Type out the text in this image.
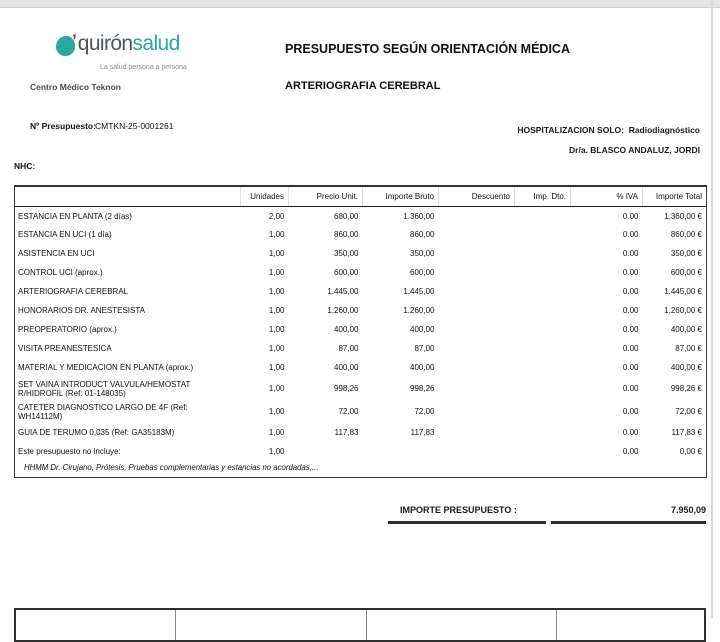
’ quirónsalud
La salud persona a persona
Centro Médico Teknon
PRESUPUESTO SEGÚN ORIENTACIÓN MÉDICA
ARTERIOGRAFIA CEREBRAL
Nº Presupuesto: CMTKN-25-0001261	HOSPITALIZACION SOLO: Radiodiagnóstico
Dr/a. BLASCO ANDALUZ, JORDI
NHC:
	Unidades	Precio Unit.	Importe Bruto	Descuento	Imp. Dto.	% IVA	Importe Total
ESTANCIA EN PLANTA (2 días)	2,00	680,00	1.360,00			0.00	1.360,00 €
ESTANCIA EN UCI (1 día)	1,00	860,00	860,00			0.00	860,00 €
ASISTENCIA EN UCI	1,00	350,00	350,00			0.00	350,00 €
CONTROL UCI (aprox.)	1,00	600,00	600,00			0.00	600,00 €
ARTERIOGRAFIA CEREBRAL	1,00	1.445,00	1.445,00			0.00	1.445,00 €
HONORARIOS DR. ANESTESISTA	1,00	1.260,00	1.260,00			0.00	1.260,00 €
PREOPERATORIO (aprox.)	1,00	400,00	400,00			0.00	400,00 €
VISITA PREANESTESICA	1,00	87,00	87,00			0.00	87,00 €
MATERIAL Y MEDICACION EN PLANTA (aprox.)	1,00	400,00	400,00			0.00	400,00 €
SET VAINA INTRODUCT VALVULA/HEMOSTAT R/HIDROFIL (Ref: 01-148035)	1,00	998,26	998,26			0.00	998,26 €
CATETER DIAGNOSTICO LARGO DE 4F (Ref: WH14112M)	1,00	72,00	72,00			0.00	72,00 €
GUIA DE TERUMO 0,035 (Ref: GA35183M)	1,00	117,83	117,83			0.00	117,83 €
Este presupuesto no incluye:	1,00					0.00	0,00 €
HHMM Dr. Cirujano, Prótesis, Pruebas complementarias y estancias no acordadas,...							
IMPORTE PRESUPUESTO :	7.950,09
